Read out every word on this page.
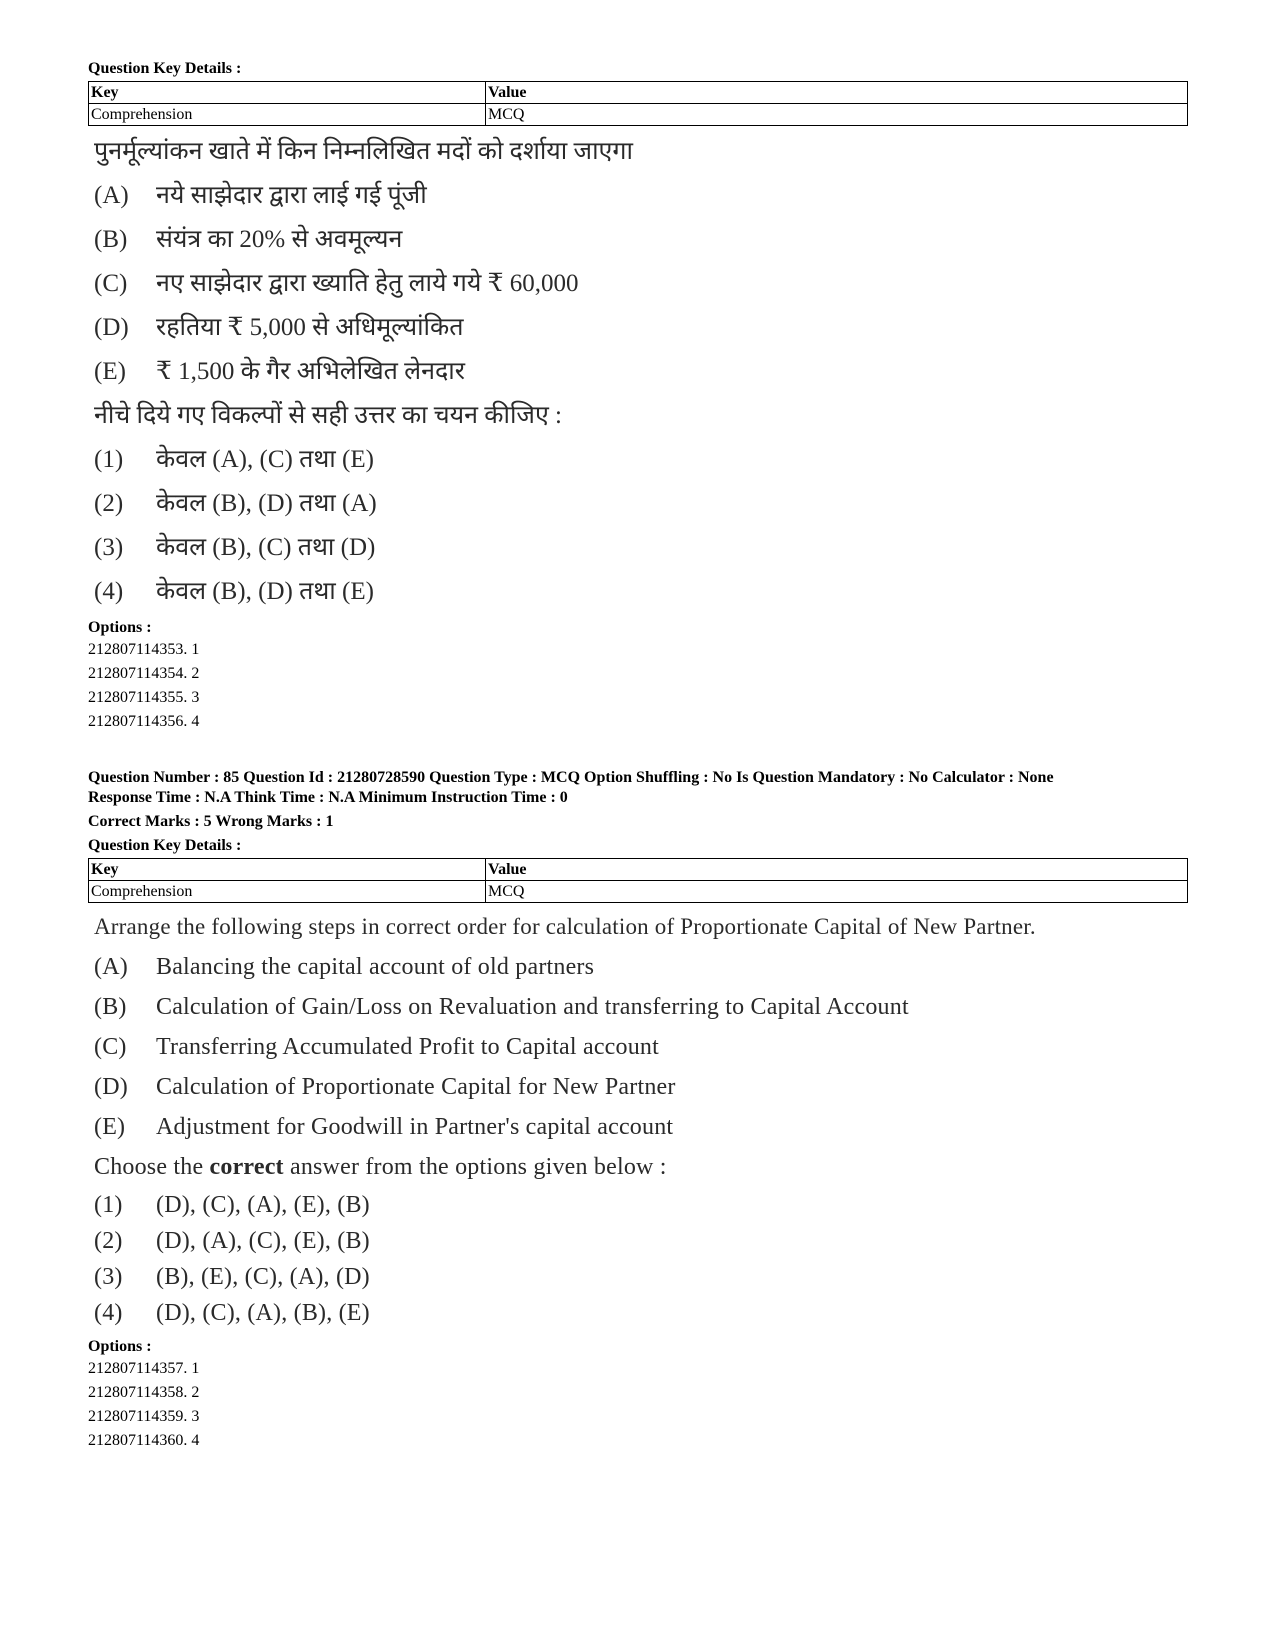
Question Key Details :
Key	Value
Comprehension	MCQ
पुनर्मूल्यांकन खाते में किन निम्नलिखित मदों को दर्शाया जाएगा
(A)	नये साझेदार द्वारा लाई गई पूंजी
(B)	संयंत्र का 20% से अवमूल्यन
(C)	नए साझेदार द्वारा ख्याति हेतु लाये गये ₹ 60,000
(D)	रहतिया ₹ 5,000 से अधिमूल्यांकित
(E)	₹ 1,500 के गैर अभिलेखित लेनदार
नीचे दिये गए विकल्पों से सही उत्तर का चयन कीजिए :
(1)	केवल (A), (C) तथा (E)
(2)	केवल (B), (D) तथा (A)
(3)	केवल (B), (C) तथा (D)
(4)	केवल (B), (D) तथा (E)
Options :
212807114353. 1
212807114354. 2
212807114355. 3
212807114356. 4
Question Number : 85 Question Id : 21280728590 Question Type : MCQ Option Shuffling : No Is Question Mandatory : No Calculator : None
Response Time : N.A Think Time : N.A Minimum Instruction Time : 0
Correct Marks : 5 Wrong Marks : 1
Question Key Details :
Key	Value
Comprehension	MCQ
Arrange the following steps in correct order for calculation of Proportionate Capital of New Partner.
(A)	Balancing the capital account of old partners
(B)	Calculation of Gain/Loss on Revaluation and transferring to Capital Account
(C)	Transferring Accumulated Profit to Capital account
(D)	Calculation of Proportionate Capital for New Partner
(E)	Adjustment for Goodwill in Partner's capital account
Choose the correct answer from the options given below :
(1)	(D), (C), (A), (E), (B)
(2)	(D), (A), (C), (E), (B)
(3)	(B), (E), (C), (A), (D)
(4)	(D), (C), (A), (B), (E)
Options :
212807114357. 1
212807114358. 2
212807114359. 3
212807114360. 4
